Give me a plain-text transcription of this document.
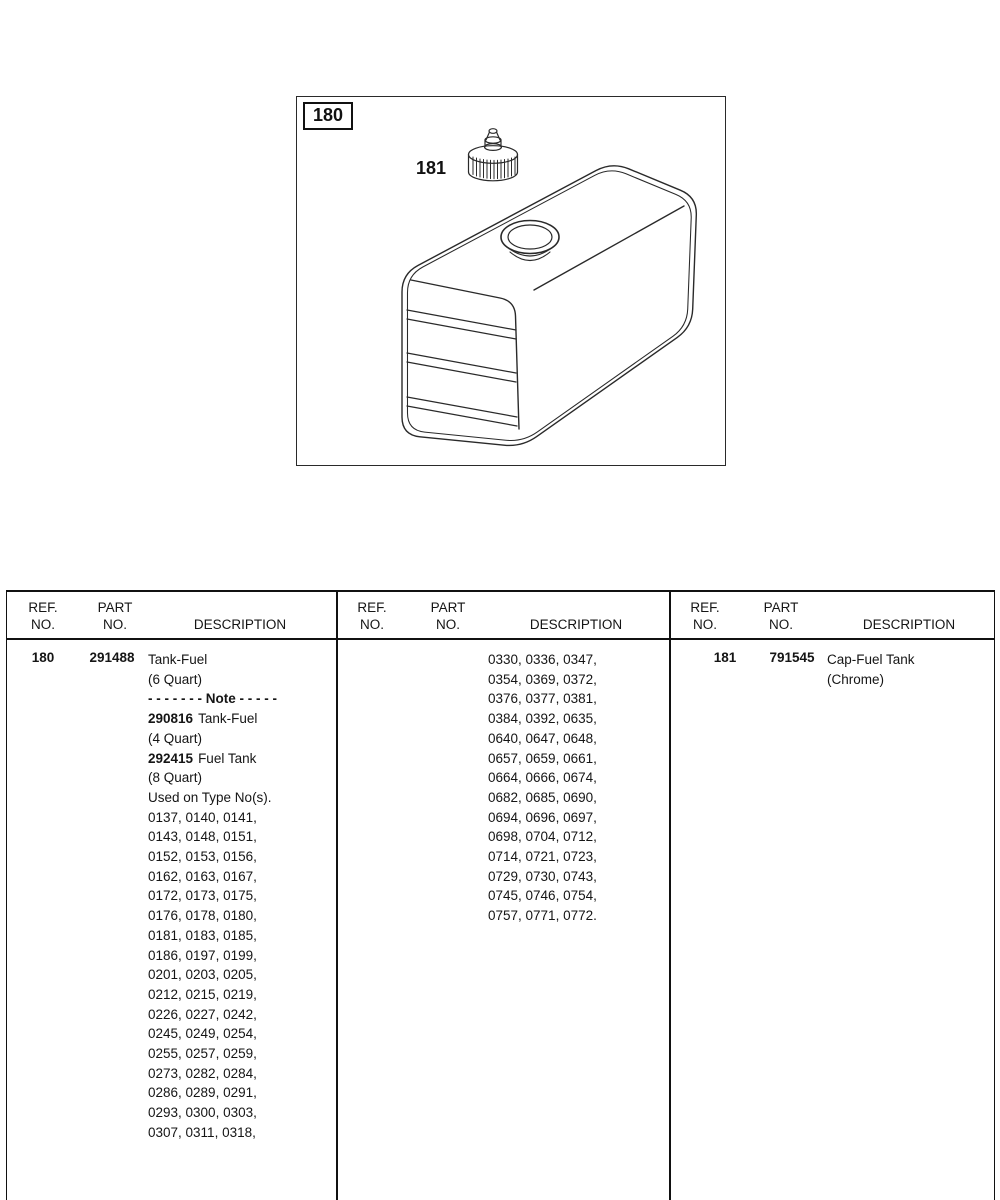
180
181
REF.
NO.
PART
NO.	DESCRIPTION
REF.
NO.
PART
NO.	DESCRIPTION
REF.
NO.
PART
NO.	DESCRIPTION
180	291488 Tank-Fuel
(6 Quart)
- - - - - - - Note - - - - -
290816 Tank-Fuel
(4 Quart)
292415 Fuel Tank
(8 Quart)
Used on Type No(s).
0137, 0140, 0141,
0143, 0148, 0151,
0152, 0153, 0156,
0162, 0163, 0167,
0172, 0173, 0175,
0176, 0178, 0180,
0181, 0183, 0185,
0186, 0197, 0199,
0201, 0203, 0205,
0212, 0215, 0219,
0226, 0227, 0242,
0245, 0249, 0254,
0255, 0257, 0259,
0273, 0282, 0284,
0286, 0289, 0291,
0293, 0300, 0303,
0307, 0311, 0318,
0330, 0336, 0347,
0354, 0369, 0372,
0376, 0377, 0381,
0384, 0392, 0635,
0640, 0647, 0648,
0657, 0659, 0661,
0664, 0666, 0674,
0682, 0685, 0690,
0694, 0696, 0697,
0698, 0704, 0712,
0714, 0721, 0723,
0729, 0730, 0743,
0745, 0746, 0754,
0757, 0771, 0772.
181	791545 Cap-Fuel Tank
(Chrome)
